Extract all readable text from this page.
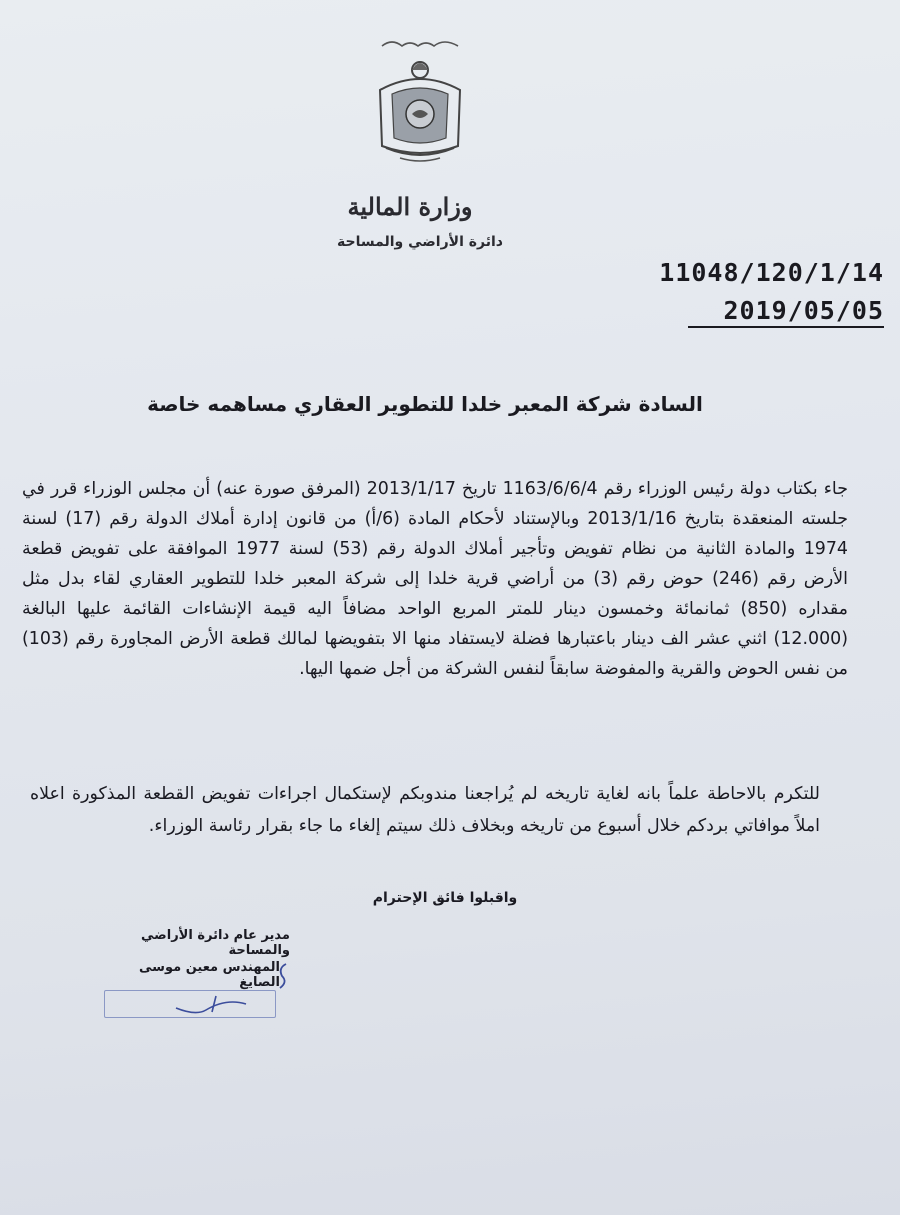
وزارة المالية
دائرة الأراضي والمساحة
11048/120/1/14
2019/05/05
السادة شركة المعبر خلدا للتطوير العقاري مساهمه خاصة
جاء بكتاب دولة رئيس الوزراء رقم 1163/6/6/4 تاريخ 2013/1/17 (المرفق صورة عنه) أن مجلس الوزراء قرر في جلسته المنعقدة بتاريخ 2013/1/16 وبالإستناد لأحكام المادة (6/أ) من قانون إدارة أملاك الدولة رقم (17) لسنة 1974 والمادة الثانية من نظام تفويض وتأجير أملاك الدولة رقم (53) لسنة 1977 الموافقة على تفويض قطعة الأرض رقم (246) حوض رقم (3) من أراضي قرية خلدا إلى شركة المعبر خلدا للتطوير العقاري لقاء بدل مثل مقداره (850) ثمانمائة وخمسون دينار للمتر المربع الواحد مضافاً اليه قيمة الإنشاءات القائمة عليها البالغة (12.000) اثني عشر الف دينار باعتبارها فضلة لايستفاد منها الا بتفويضها لمالك قطعة الأرض المجاورة رقم (103) من نفس الحوض والقرية والمفوضة سابقاً لنفس الشركة من أجل ضمها اليها.
للتكرم بالاحاطة علماً بانه لغاية تاريخه لم يُراجعنا مندوبكم لإستكمال اجراءات تفويض القطعة المذكورة اعلاه املاً موافاتي بردكم خلال أسبوع من تاريخه وبخلاف ذلك سيتم إلغاء ما جاء بقرار رئاسة الوزراء.
واقبلوا فائق الإحترام
مدير عام دائرة الأراضي والمساحة
المهندس معين موسى الصايغ
